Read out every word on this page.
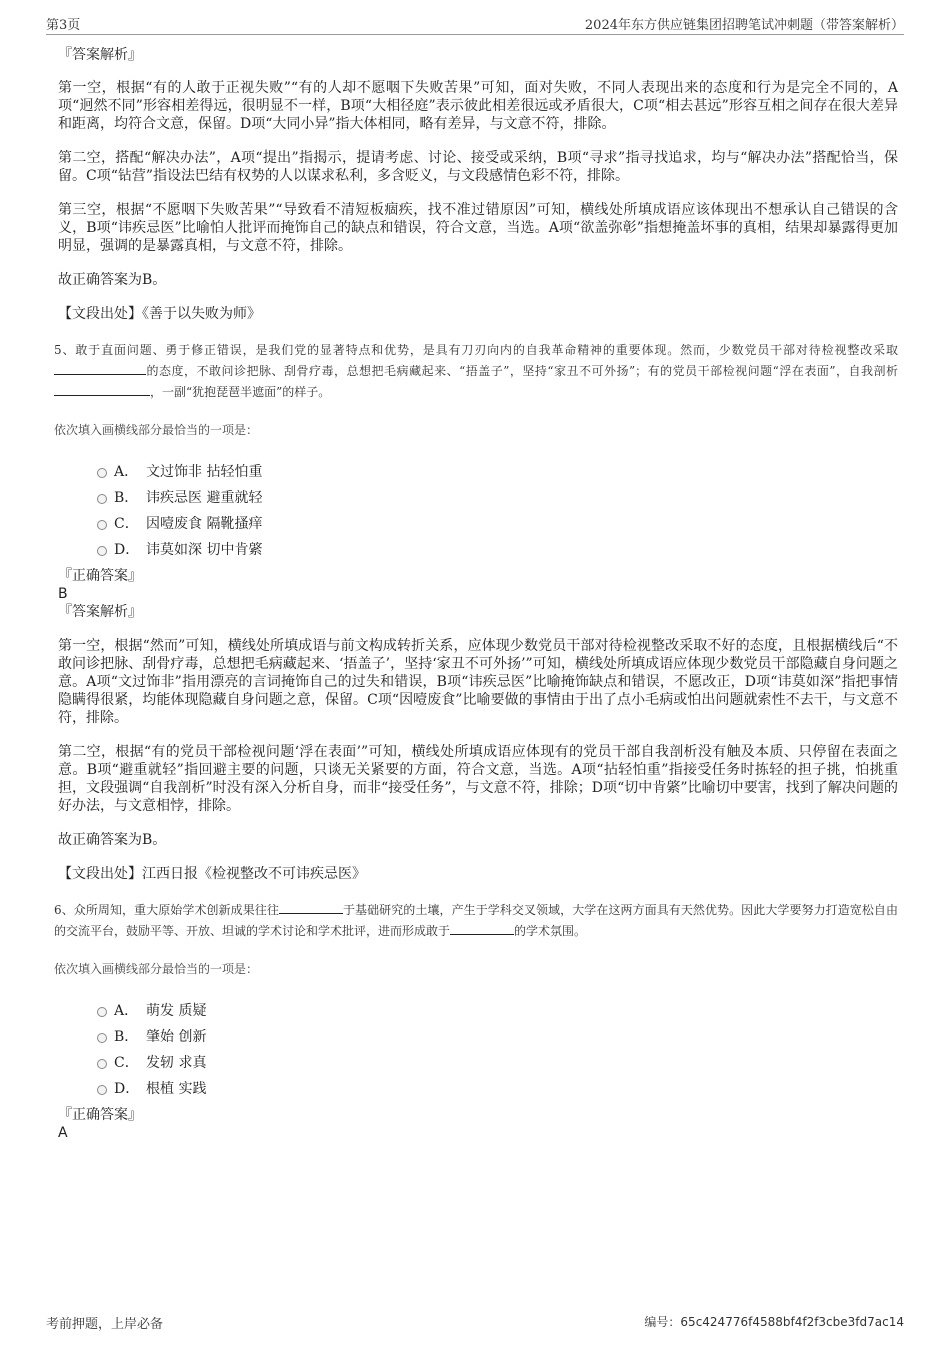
第3页	2024年东方供应链集团招聘笔试冲刺题（带答案解析）

『答案解析』

第一空，根据“有的人敢于正视失败”“有的人却不愿咽下失败苦果”可知，面对失败，不同人表现出来的态度和行为是完全不同的，A项“迥然不同”形容相差得远，很明显不一样，B项“大相径庭”表示彼此相差很远或矛盾很大，C项“相去甚远”形容互相之间存在很大差异和距离，均符合文意，保留。D项“大同小异”指大体相同，略有差异，与文意不符，排除。

第二空，搭配“解决办法”，A项“提出”指揭示，提请考虑、讨论、接受或采纳，B项“寻求”指寻找追求，均与“解决办法”搭配恰当，保留。C项“钻营”指设法巴结有权势的人以谋求私利，多含贬义，与文段感情色彩不符，排除。

第三空，根据“不愿咽下失败苦果”“导致看不清短板痼疾，找不准过错原因”可知，横线处所填成语应该体现出不想承认自己错误的含义，B项“讳疾忌医”比喻怕人批评而掩饰自己的缺点和错误，符合文意，当选。A项“欲盖弥彰”指想掩盖坏事的真相，结果却暴露得更加明显，强调的是暴露真相，与文意不符，排除。

故正确答案为B。

【文段出处】《善于以失败为师》

5、敢于直面问题、勇于修正错误，是我们党的显著特点和优势，是具有刀刃向内的自我革命精神的重要体现。然而，少数党员干部对待检视整改采取的态度，不敢问诊把脉、刮骨疗毒，总想把毛病藏起来、“捂盖子”，坚持“家丑不可外扬”；有的党员干部检视问题“浮在表面”，自我剖析，一副“犹抱琵琶半遮面”的样子。
依次填入画横线部分最恰当的一项是：
A． 文过饰非 拈轻怕重
B． 讳疾忌医 避重就轻
C． 因噎废食 隔靴搔痒
D． 讳莫如深 切中肯綮

『正确答案』

B

『答案解析』

第一空，根据“然而”可知，横线处所填成语与前文构成转折关系，应体现少数党员干部对待检视整改采取不好的态度，且根据横线后“不敢问诊把脉、刮骨疗毒，总想把毛病藏起来、‘捂盖子’，坚持‘家丑不可外扬’”可知，横线处所填成语应体现少数党员干部隐藏自身问题之意。A项“文过饰非”指用漂亮的言词掩饰自己的过失和错误，B项“讳疾忌医”比喻掩饰缺点和错误，不愿改正，D项“讳莫如深”指把事情隐瞒得很紧，均能体现隐藏自身问题之意，保留。C项“因噎废食”比喻要做的事情由于出了点小毛病或怕出问题就索性不去干，与文意不符，排除。

第二空，根据“有的党员干部检视问题‘浮在表面’”可知，横线处所填成语应体现有的党员干部自我剖析没有触及本质、只停留在表面之意。B项“避重就轻”指回避主要的问题，只谈无关紧要的方面，符合文意，当选。A项“拈轻怕重”指接受任务时拣轻的担子挑，怕挑重担，文段强调“自我剖析”时没有深入分析自身，而非“接受任务”，与文意不符，排除；D项“切中肯綮”比喻切中要害，找到了解决问题的好办法，与文意相悖，排除。

故正确答案为B。

【文段出处】江西日报《检视整改不可讳疾忌医》

6、众所周知，重大原始学术创新成果往往	于基础研究的土壤，产生于学科交叉领域，大学在这两方面具有天然优势。因此大学要努力打造宽松自由的交流平台，鼓励平等、开放、坦诚的学术讨论和学术批评，进而形成敢于	的学术氛围。
依次填入画横线部分最恰当的一项是：
A． 萌发 质疑
B． 肇始 创新
C． 发轫 求真
D． 根植 实践

『正确答案』

A

考前押题，上岸必备	编号：65c424776f4588bf4f2f3cbe3fd7ac14
